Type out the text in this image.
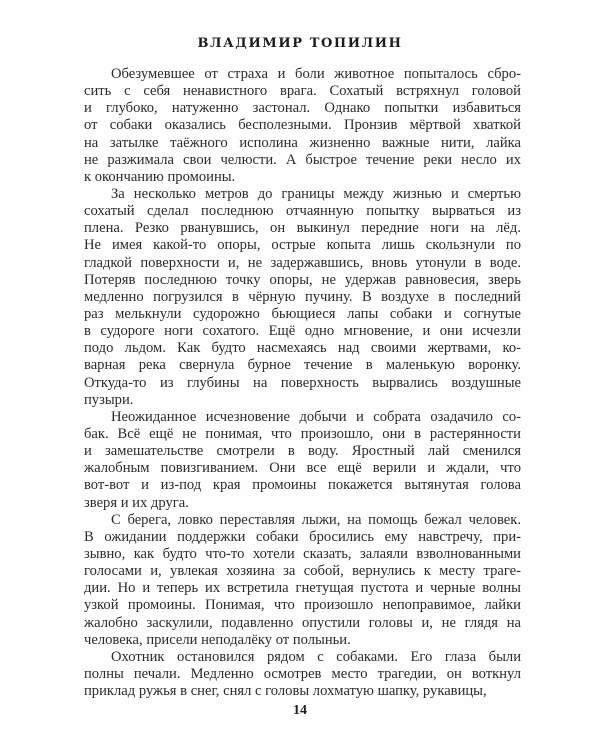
ВЛАДИМИР ТОПИЛИН
Обезумевшее от страха и боли животное попыталось сбро-
сить с себя ненавистного врага. Сохатый встряхнул головой
и глубоко, натуженно застонал. Однако попытки избавиться
от собаки оказались бесполезными. Пронзив мёртвой хваткой
на затылке таёжного исполина жизненно важные нити, лайка
не разжимала свои челюсти. А быстрое течение реки несло их
к окончанию промоины.
За несколько метров до границы между жизнью и смертью
сохатый сделал последнюю отчаянную попытку вырваться из
плена. Резко рванувшись, он выкинул передние ноги на лёд.
Не имея какой-то опоры, острые копыта лишь скользнули по
гладкой поверхности и, не задержавшись, вновь утонули в воде.
Потеряв последнюю точку опоры, не удержав равновесия, зверь
медленно погрузился в чёрную пучину. В воздухе в последний
раз мелькнули судорожно бьющиеся лапы собаки и согнутые
в судороге ноги сохатого. Ещё одно мгновение, и они исчезли
подо льдом. Как будто насмехаясь над своими жертвами, ко-
варная река свернула бурное течение в маленькую воронку.
Откуда-то из глубины на поверхность вырвались воздушные
пузыри.
Неожиданное исчезновение добычи и собрата озадачило со-
бак. Всё ещё не понимая, что произошло, они в растерянности
и замешательстве смотрели в воду. Яростный лай сменился
жалобным повизгиванием. Они все ещё верили и ждали, что
вот-вот и из-под края промоины покажется вытянутая голова
зверя и их друга.
С берега, ловко переставляя лыжи, на помощь бежал человек.
В ожидании поддержки собаки бросились ему навстречу, при-
зывно, как будто что-то хотели сказать, залаяли взволнованными
голосами и, увлекая хозяина за собой, вернулись к месту траге-
дии. Но и теперь их встретила гнетущая пустота и черные волны
узкой промоины. Понимая, что произошло непоправимое, лайки
жалобно заскулили, подавленно опустили головы и, не глядя на
человека, присели неподалёку от полыньи.
Охотник остановился рядом с собаками. Его глаза были
полны печали. Медленно осмотрев место трагедии, он воткнул
приклад ружья в снег, снял с головы лохматую шапку, рукавицы,
14
